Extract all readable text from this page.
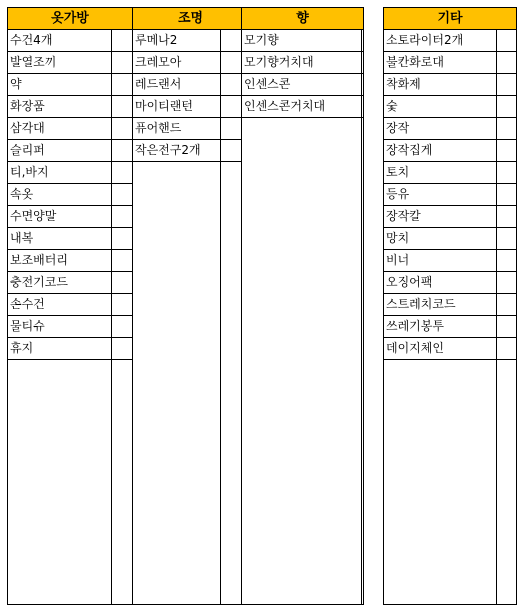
옷가방
수건4개
발열조끼
약
화장품
삼각대
슬리퍼
티,바지
속옷
수면양말
내복
보조배터리
충전기코드
손수건
물티슈
휴지
조명
루메나2
크레모아
레드랜서
마이티랜턴
퓨어핸드
작은전구2개
향
모기향
모기향거치대
인센스콘
인센스콘거치대
기타
소토라이터2개
불칸화로대
착화제
숯
장작
장작집게
토치
등유
장작칼
망치
비너
오징어팩
스트레치코드
쓰레기봉투
데이지체인
